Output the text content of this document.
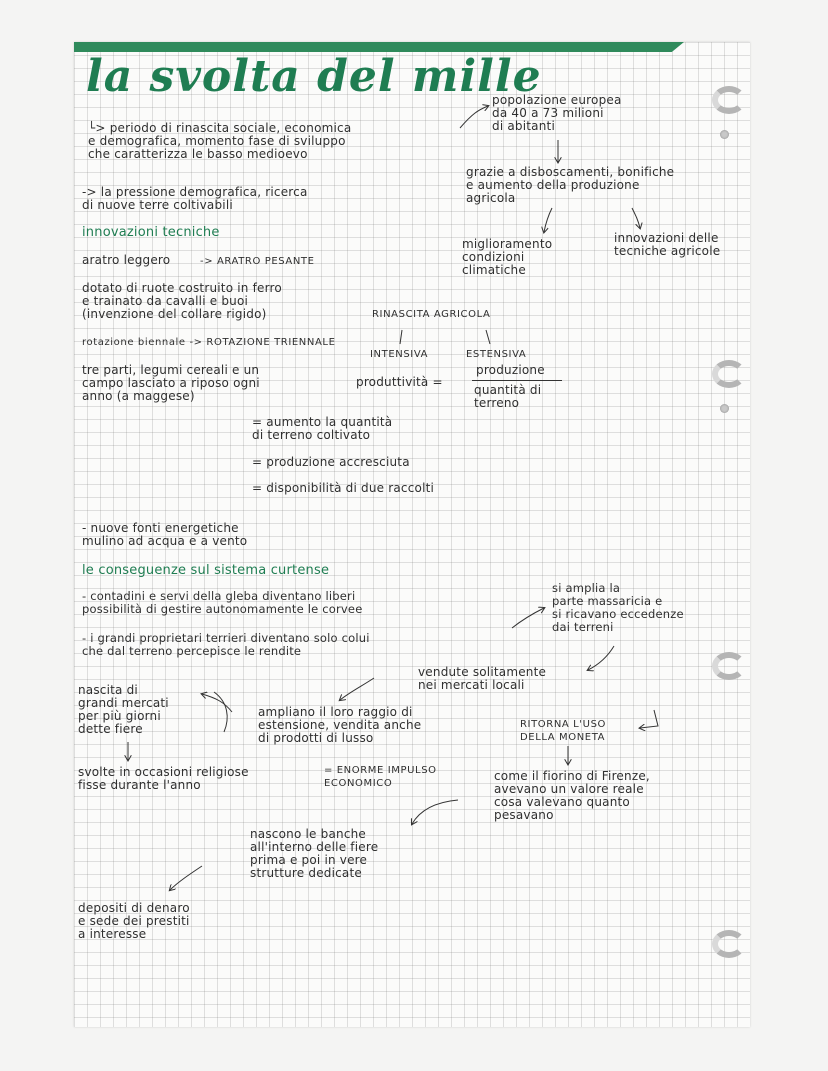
la svolta del mille

└> periodo di rinascita sociale, economica
e demografica, momento fase di sviluppo
che caratterizza le basso medioevo

popolazione europea
da 40 a 73 milioni
di abitanti

-> la pressione demografica, ricerca
di nuove terre coltivabili

grazie a disboscamenti, bonifiche
e aumento della produzione
agricola

innovazioni tecniche

miglioramento
condizioni
climatiche

innovazioni delle
tecniche agricole

aratro leggero	-> ARATRO PESANTE

dotato di ruote costruito in ferro
e trainato da cavalli e buoi
(invenzione del collare rigido)	RINASCITA AGRICOLA

rotazione biennale -> ROTAZIONE TRIENNALE

INTENSIVA	ESTENSIVA

tre parti, legumi cereali e un
campo lasciato a riposo ogni
anno (a maggese)

produttività =

produzione

quantità di
terreno

= aumento la quantità
di terreno coltivato

= produzione accresciuta

= disponibilità di due raccolti

- nuove fonti energetiche
mulino ad acqua e a vento

le conseguenze sul sistema curtense

- contadini e servi della gleba diventano liberi
possibilità di gestire autonomamente le corvee

- i grandi proprietari terrieri diventano solo colui
che dal terreno percepisce le rendite

si amplia la
parte massaricia e
si ricavano eccedenze
dai terreni

vendute solitamente
nei mercati locali

nascita di
grandi mercati
per più giorni
dette fiere

ampliano il loro raggio di
estensione, vendita anche
di prodotti di lusso

RITORNA L'USO
DELLA MONETA

svolte in occasioni religiose
fisse durante l'anno

= ENORME IMPULSO
ECONOMICO

come il fiorino di Firenze,
avevano un valore reale
cosa valevano quanto
pesavano

nascono le banche
all'interno delle fiere
prima e poi in vere
strutture dedicate

depositi di denaro
e sede dei prestiti
a interesse
